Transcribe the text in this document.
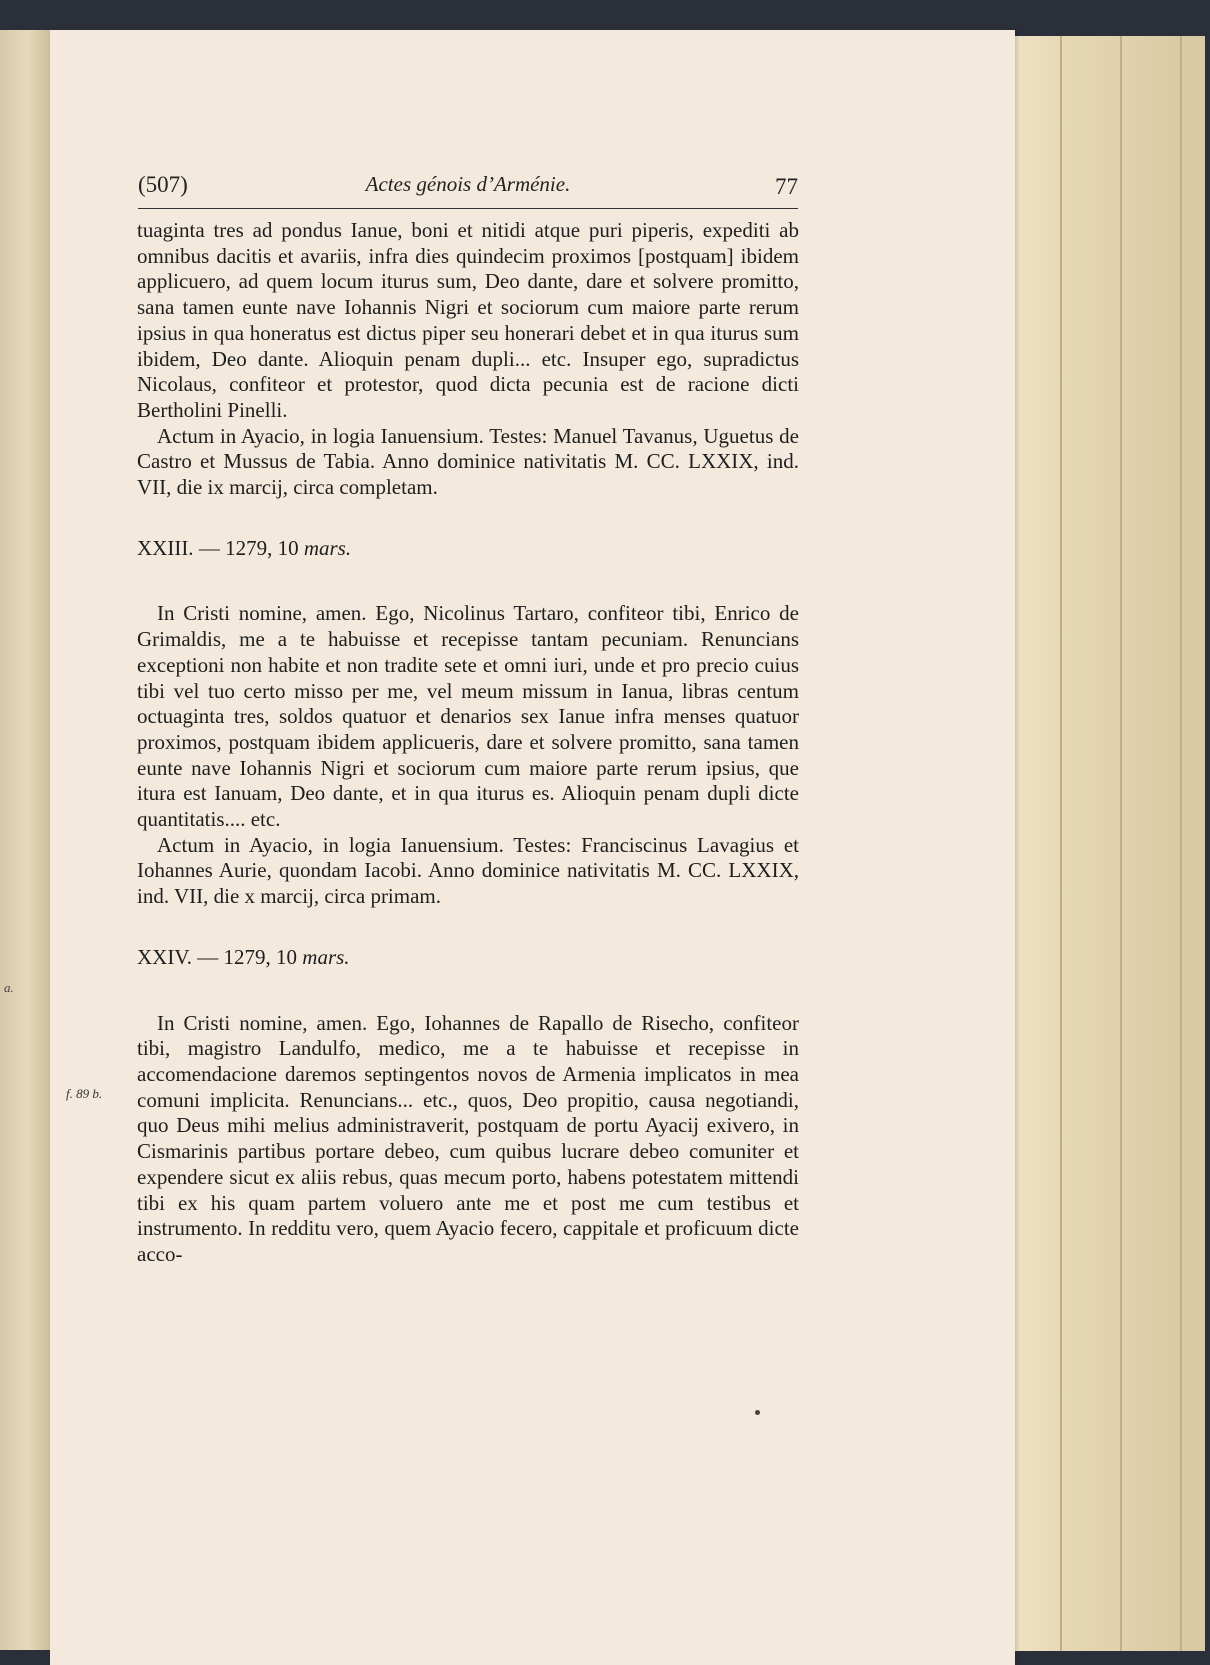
a.
(507)	Actes génois d’Arménie.	77
f. 89 b.

tuaginta tres ad pondus Ianue, boni et nitidi atque puri piperis, expediti ab omnibus dacitis et avariis, infra dies quindecim proximos [postquam] ibidem applicuero, ad quem locum iturus sum, Deo dante, dare et solvere promitto, sana tamen eunte nave Iohannis Nigri et sociorum cum maiore parte rerum ipsius in qua honeratus est dictus piper seu honerari debet et in qua iturus sum ibidem, Deo dante. Alioquin penam dupli... etc. Insuper ego, supradictus Nicolaus, confiteor et protestor, quod dicta pecunia est de racione dicti Bertholini Pinelli.

Actum in Ayacio, in logia Ianuensium. Testes: Manuel Tavanus, Uguetus de Castro et Mussus de Tabia. Anno dominice nativitatis M. CC. LXXIX, ind. VII, die ix marcij, circa completam.

XXIII. — 1279, 10 mars.

In Cristi nomine, amen. Ego, Nicolinus Tartaro, confiteor tibi, Enrico de Grimaldis, me a te habuisse et recepisse tantam pecuniam. Renuncians exceptioni non habite et non tradite sete et omni iuri, unde et pro precio cuius tibi vel tuo certo misso per me, vel meum missum in Ianua, libras centum octuaginta tres, soldos quatuor et denarios sex Ianue infra menses quatuor proximos, postquam ibidem applicueris, dare et solvere promitto, sana tamen eunte nave Iohannis Nigri et sociorum cum maiore parte rerum ipsius, que itura est Ianuam, Deo dante, et in qua iturus es. Alioquin penam dupli dicte quantitatis.... etc.

Actum in Ayacio, in logia Ianuensium. Testes: Franciscinus Lavagius et Iohannes Aurie, quondam Iacobi. Anno dominice nativitatis M. CC. LXXIX, ind. VII, die x marcij, circa primam.

XXIV. — 1279, 10 mars.

In Cristi nomine, amen. Ego, Iohannes de Rapallo de Risecho, confiteor tibi, magistro Landulfo, medico, me a te habuisse et recepisse in accomendacione daremos septingentos novos de Armenia implicatos in mea comuni implicita. Renuncians... etc., quos, Deo propitio, causa negotiandi, quo Deus mihi melius administraverit, postquam de portu Ayacij exivero, in Cismarinis partibus portare debeo, cum quibus lucrare debeo comuniter et expendere sicut ex aliis rebus, quas mecum porto, habens potestatem mittendi tibi ex his quam partem voluero ante me et post me cum testibus et instrumento. In redditu vero, quem Ayacio fecero, cappitale et proficuum dicte acco-
